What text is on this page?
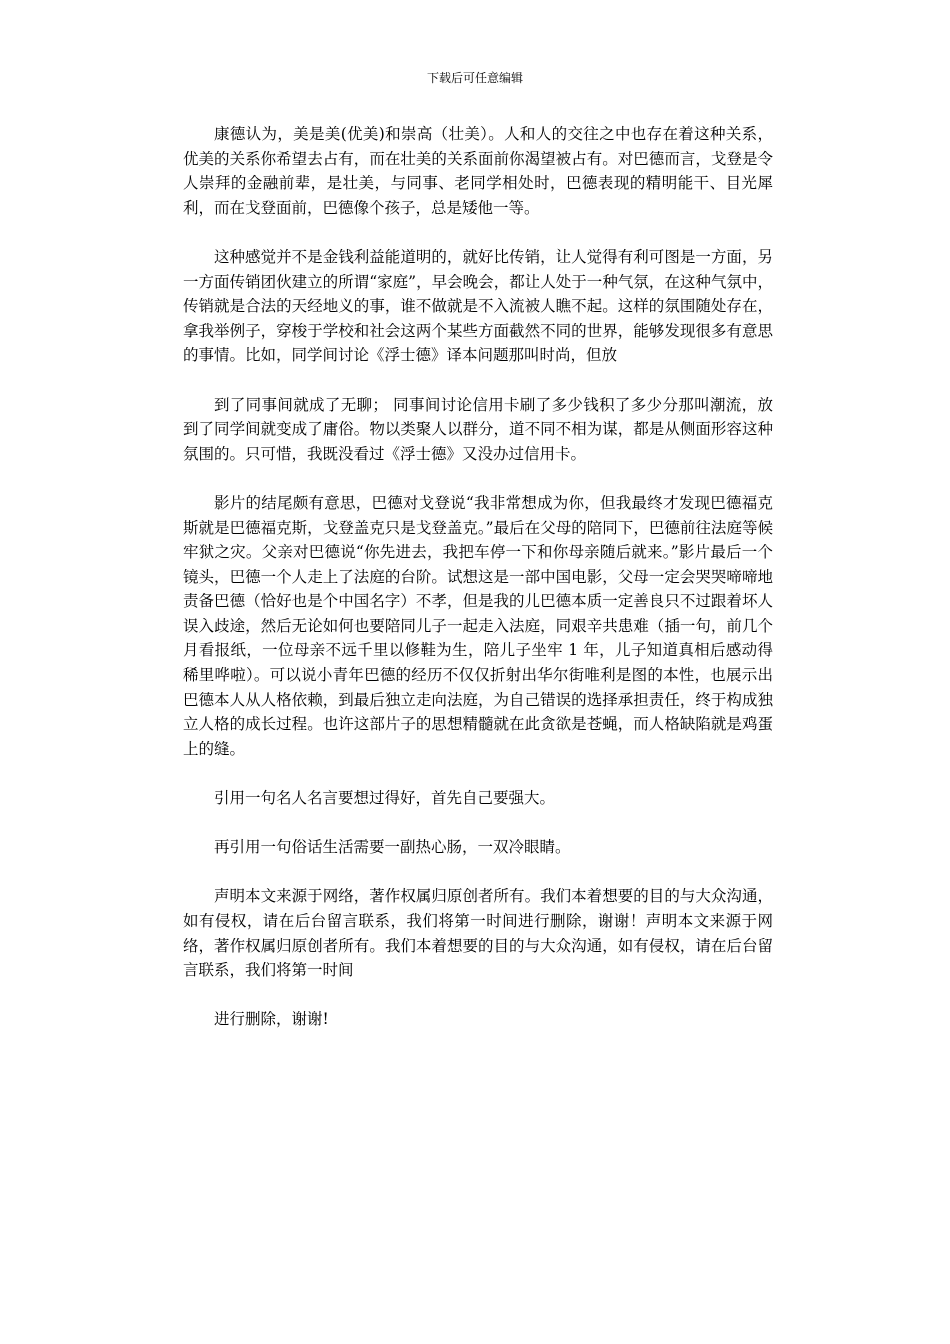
下载后可任意编辑

康德认为，美是美(优美)和崇高（壮美）。人和人的交往之中也存在着这种关系，优美的关系你希望去占有，而在壮美的关系面前你渴望被占有。对巴德而言，戈登是令人崇拜的金融前辈，是壮美，与同事、老同学相处时，巴德表现的精明能干、目光犀利，而在戈登面前，巴德像个孩子，总是矮他一等。

这种感觉并不是金钱利益能道明的，就好比传销，让人觉得有利可图是一方面，另一方面传销团伙建立的所谓“家庭”，早会晚会，都让人处于一种气氛，在这种气氛中，传销就是合法的天经地义的事，谁不做就是不入流被人瞧不起。这样的氛围随处存在，拿我举例子，穿梭于学校和社会这两个某些方面截然不同的世界，能够发现很多有意思的事情。比如，同学间讨论《浮士德》译本问题那叫时尚，但放

到了同事间就成了无聊； 同事间讨论信用卡刷了多少钱积了多少分那叫潮流，放到了同学间就变成了庸俗。物以类聚人以群分，道不同不相为谋，都是从侧面形容这种氛围的。只可惜，我既没看过《浮士德》又没办过信用卡。

影片的结尾颇有意思，巴德对戈登说“我非常想成为你，但我最终才发现巴德福克斯就是巴德福克斯，戈登盖克只是戈登盖克。”最后在父母的陪同下，巴德前往法庭等候牢狱之灾。父亲对巴德说“你先进去，我把车停一下和你母亲随后就来。”影片最后一个镜头，巴德一个人走上了法庭的台阶。试想这是一部中国电影，父母一定会哭哭啼啼地责备巴德（恰好也是个中国名字）不孝，但是我的儿巴德本质一定善良只不过跟着坏人误入歧途，然后无论如何也要陪同儿子一起走入法庭，同艰辛共患难（插一句，前几个月看报纸，一位母亲不远千里以修鞋为生，陪儿子坐牢 1 年，儿子知道真相后感动得稀里哗啦）。可以说小青年巴德的经历不仅仅折射出华尔街唯利是图的本性，也展示出巴德本人从人格依赖，到最后独立走向法庭，为自己错误的选择承担责任，终于构成独立人格的成长过程。也许这部片子的思想精髓就在此贪欲是苍蝇，而人格缺陷就是鸡蛋上的缝。

引用一句名人名言要想过得好，首先自己要强大。

再引用一句俗话生活需要一副热心肠，一双冷眼睛。

声明本文来源于网络，著作权属归原创者所有。我们本着想要的目的与大众沟通，如有侵权，请在后台留言联系，我们将第一时间进行删除，谢谢！声明本文来源于网络，著作权属归原创者所有。我们本着想要的目的与大众沟通，如有侵权，请在后台留言联系，我们将第一时间

进行删除，谢谢!
